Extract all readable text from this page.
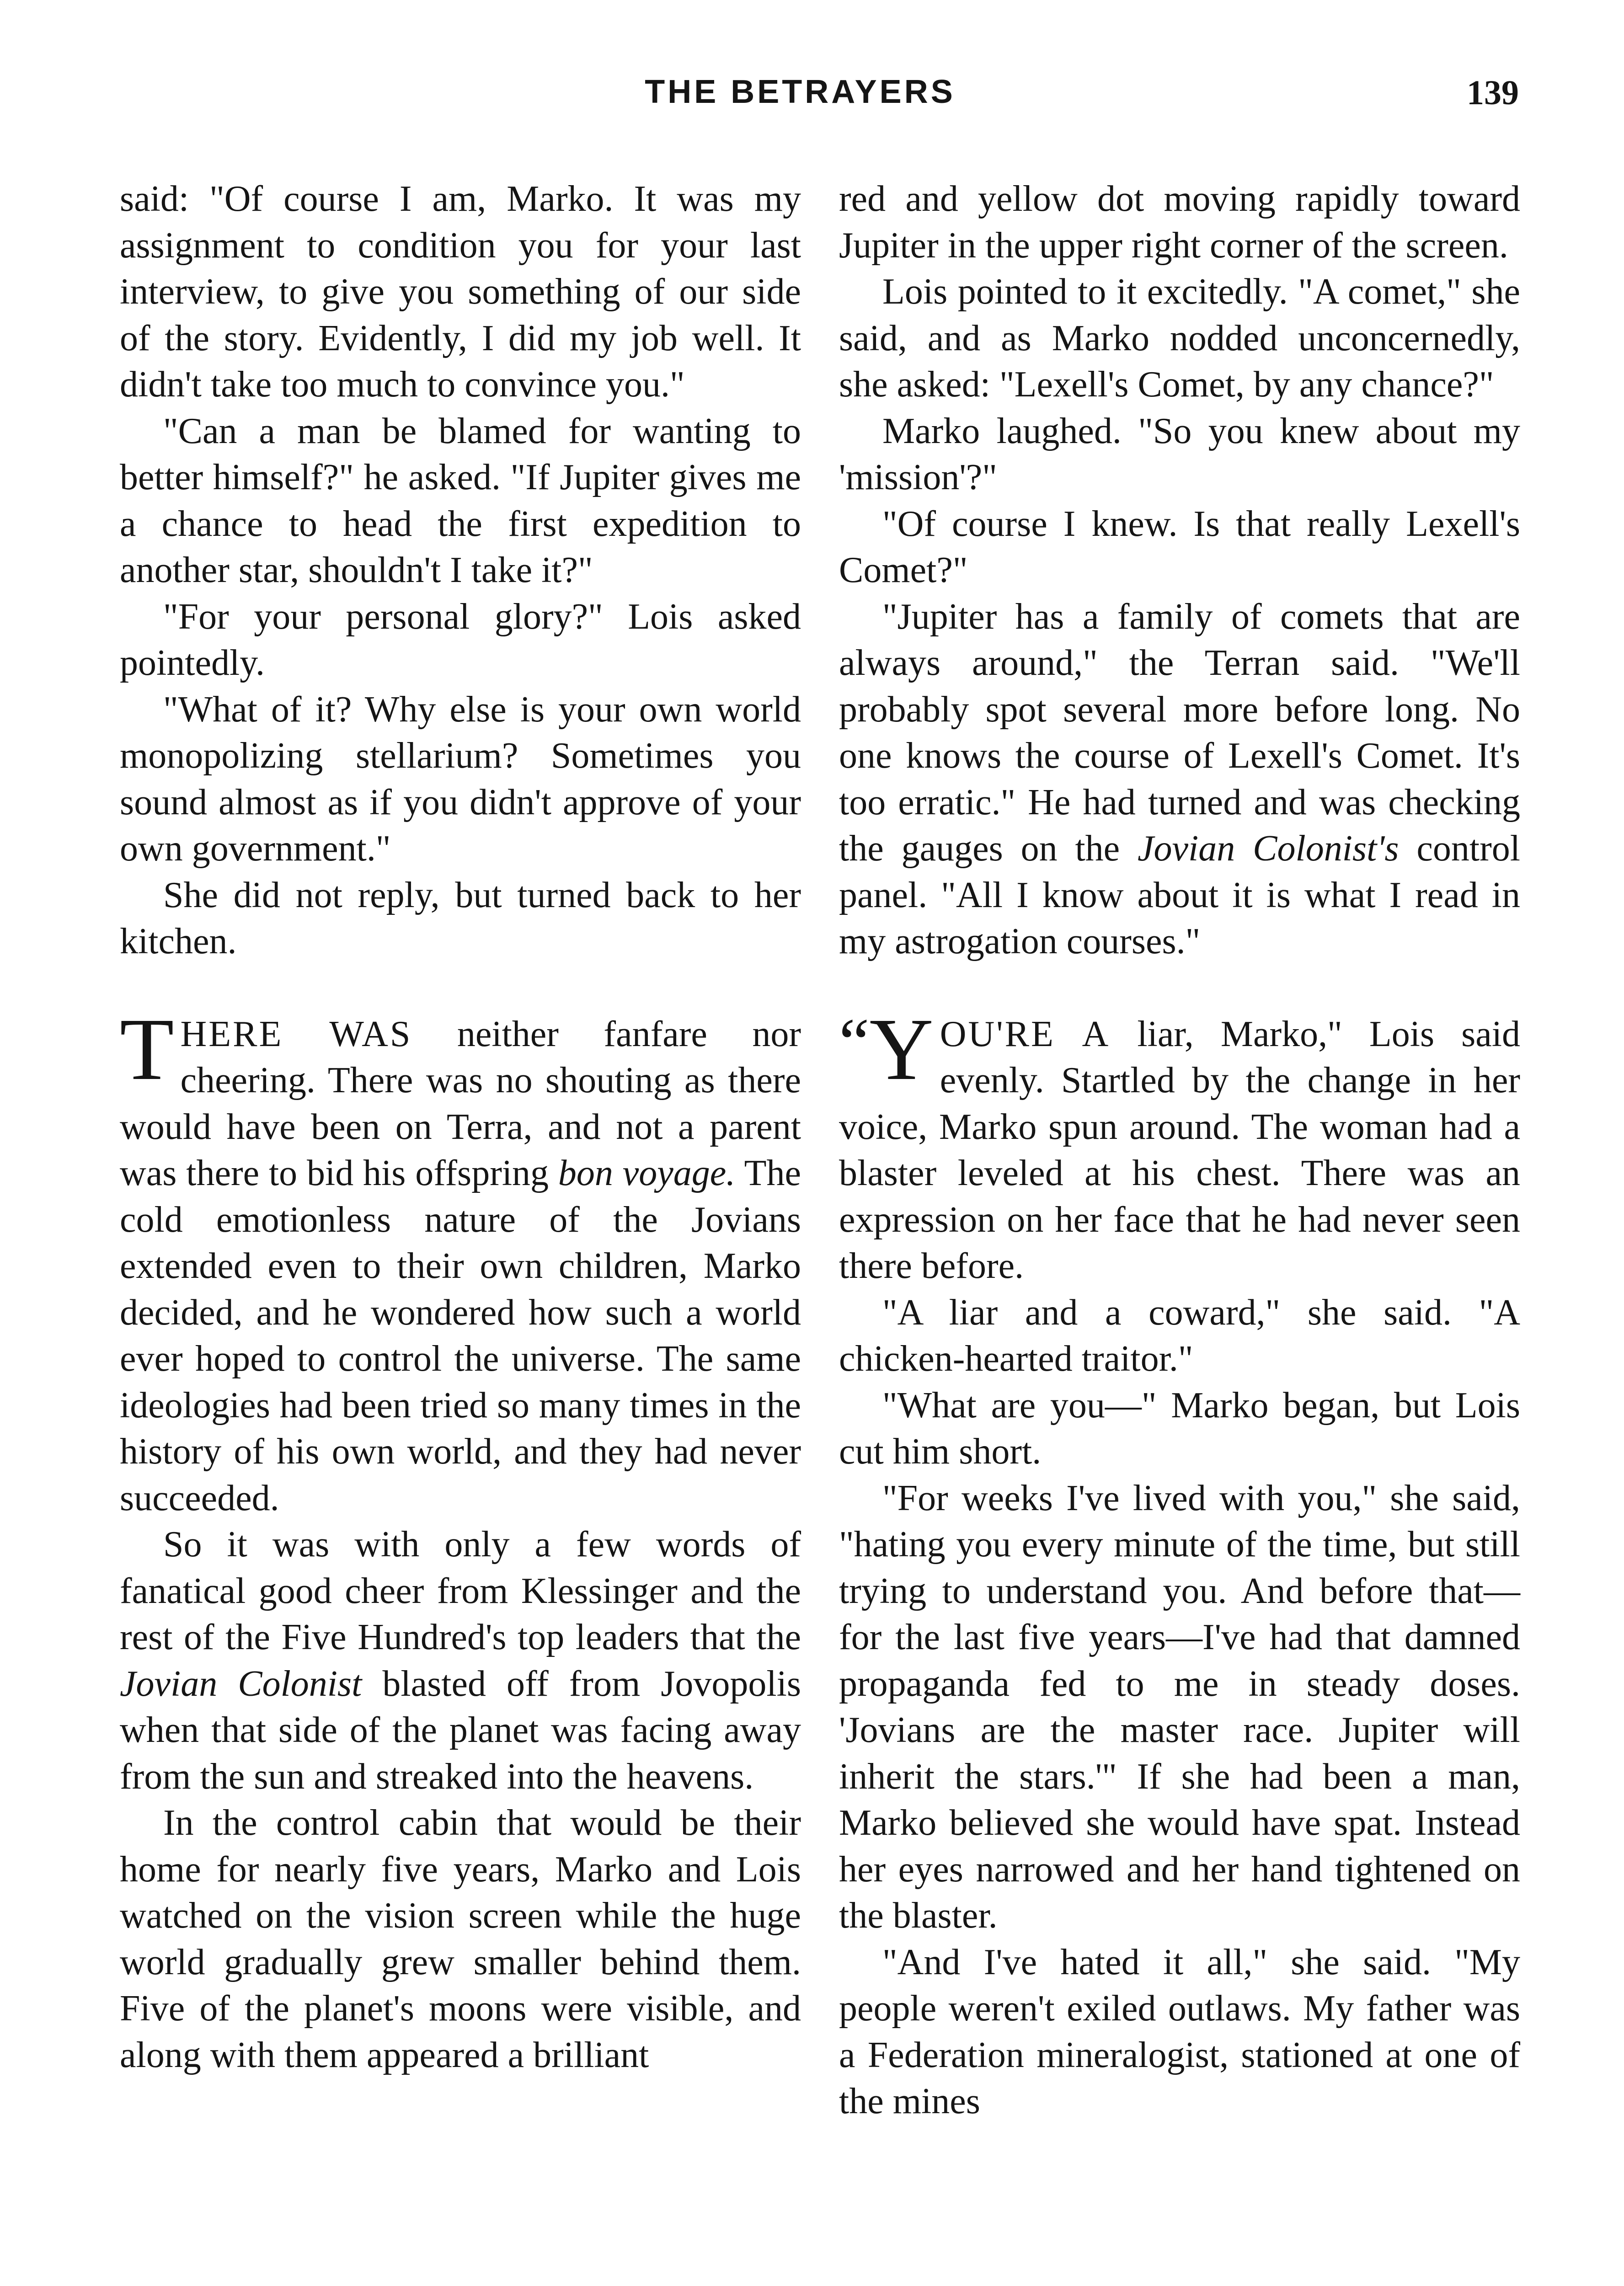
THE BETRAYERS	139

said: "Of course I am, Marko. It was my assignment to condition you for your last interview, to give you something of our side of the story. Evidently, I did my job well. It didn't take too much to convince you."

"Can a man be blamed for wanting to better himself?" he asked. "If Jupiter gives me a chance to head the first expedition to another star, shouldn't I take it?"

"For your personal glory?" Lois asked pointedly.

"What of it? Why else is your own world monopolizing stellarium? Sometimes you sound almost as if you didn't approve of your own government."

She did not reply, but turned back to her kitchen.

THERE WAS neither fanfare nor cheering. There was no shouting as there would have been on Terra, and not a parent was there to bid his offspring bon voyage. The cold emotionless nature of the Jovians extended even to their own children, Marko decided, and he wondered how such a world ever hoped to control the universe. The same ideologies had been tried so many times in the history of his own world, and they had never succeeded.

So it was with only a few words of fanatical good cheer from Klessinger and the rest of the Five Hundred's top leaders that the Jovian Colonist blasted off from Jovopolis when that side of the planet was facing away from the sun and streaked into the heavens.

In the control cabin that would be their home for nearly five years, Marko and Lois watched on the vision screen while the huge world gradually grew smaller behind them. Five of the planet's moons were visible, and along with them appeared a brilliant

red and yellow dot moving rapidly toward Jupiter in the upper right corner of the screen.

Lois pointed to it excitedly. "A comet," she said, and as Marko nodded unconcernedly, she asked: "Lexell's Comet, by any chance?"

Marko laughed. "So you knew about my 'mission'?"

"Of course I knew. Is that really Lexell's Comet?"

"Jupiter has a family of comets that are always around," the Terran said. "We'll probably spot several more before long. No one knows the course of Lexell's Comet. It's too erratic." He had turned and was checking the gauges on the Jovian Colonist's control panel. "All I know about it is what I read in my astrogation courses."

“Y OU'RE A liar, Marko," Lois said evenly. Startled by the change in her voice, Marko spun around. The woman had a blaster leveled at his chest. There was an expression on her face that he had never seen there before.

"A liar and a coward," she said. "A chicken-hearted traitor."

"What are you—" Marko began, but Lois cut him short.

"For weeks I've lived with you," she said, "hating you every minute of the time, but still trying to understand you. And before that—for the last five years—I've had that damned propaganda fed to me in steady doses. 'Jovians are the master race. Jupiter will inherit the stars.'" If she had been a man, Marko believed she would have spat. Instead her eyes narrowed and her hand tightened on the blaster.

"And I've hated it all," she said. "My people weren't exiled outlaws. My father was a Federation mineralogist, stationed at one of the mines
